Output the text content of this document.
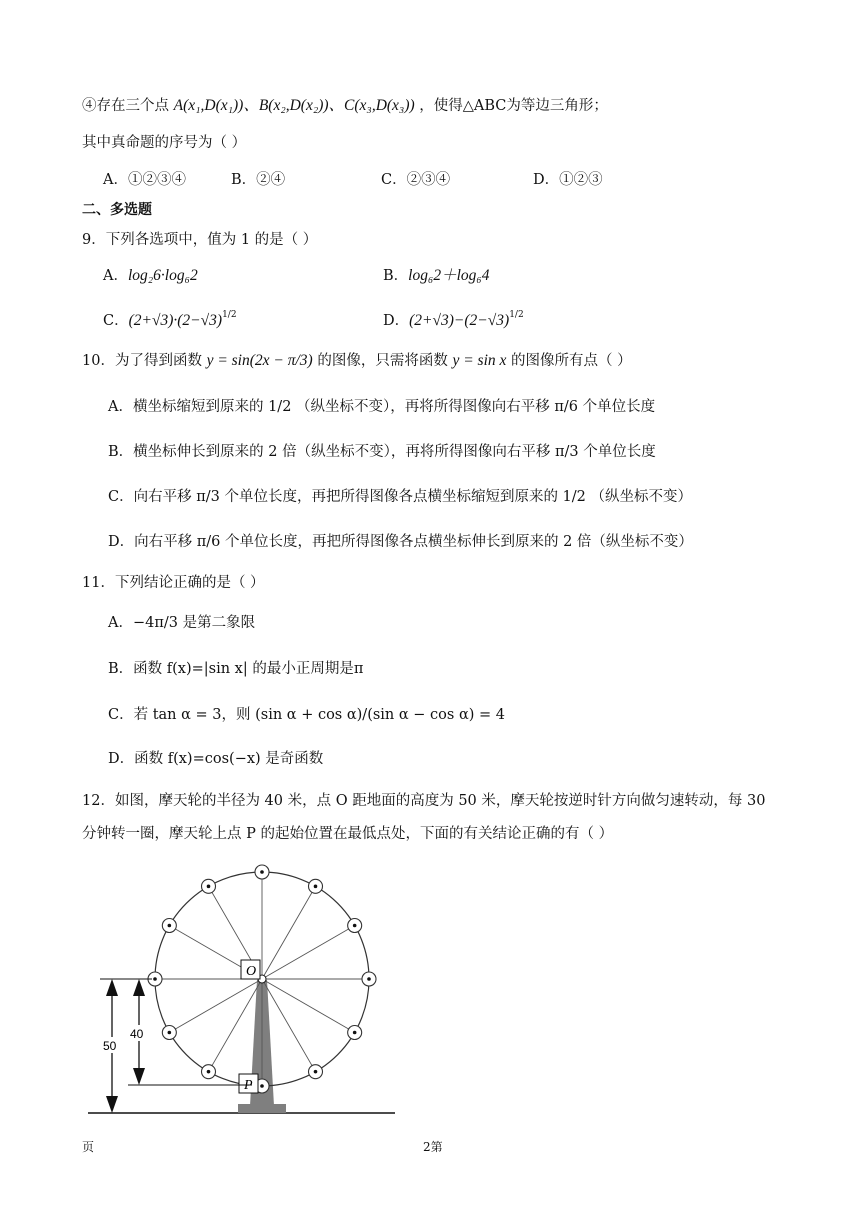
④存在三个点 A(x₁,D(x₁))、B(x₂,D(x₂))、C(x₃,D(x₃)) ，使得△ABC为等边三角形；
其中真命题的序号为（ ）
A．①②③④	B．②④	C．②③④	D．①②③
二、多选题
9．下列各选项中，值为 1 的是（ ）
A．log₂6·log₆2	B．log₆2＋log₆4
C．$(2+√3)\cdot(2-√3)^{1/2}$	D．$(2+√3)-(2-√3)^{1/2}$
10．为了得到函数 y = sin(2x − π/3) 的图像，只需将函数 y = sin x 的图像所有点（ ）
A．横坐标缩短到原来的 1/2 （纵坐标不变），再将所得图像向右平移 π/6 个单位长度
B．横坐标伸长到原来的 2 倍（纵坐标不变），再将所得图像向右平移 π/3 个单位长度
C．向右平移 π/3 个单位长度，再把所得图像各点横坐标缩短到原来的 1/2 （纵坐标不变）
D．向右平移 π/6 个单位长度，再把所得图像各点横坐标伸长到原来的 2 倍（纵坐标不变）
11．下列结论正确的是（ ）
A．−4π/3 是第二象限
B．函数 f(x)=|sin x| 的最小正周期是π
C．若 tan α = 3，则 (sin α + cos α)/(sin α − cos α) = 4
D．函数 f(x)=cos(−x) 是奇函数
12．如图，摩天轮的半径为 40 米，点 O 距地面的高度为 50 米，摩天轮按逆时针方向做匀速转动，每 30
分钟转一圈，摩天轮上点 P 的起始位置在最低点处，下面的有关结论正确的有（ ）
O
P
50
40
页	2第
